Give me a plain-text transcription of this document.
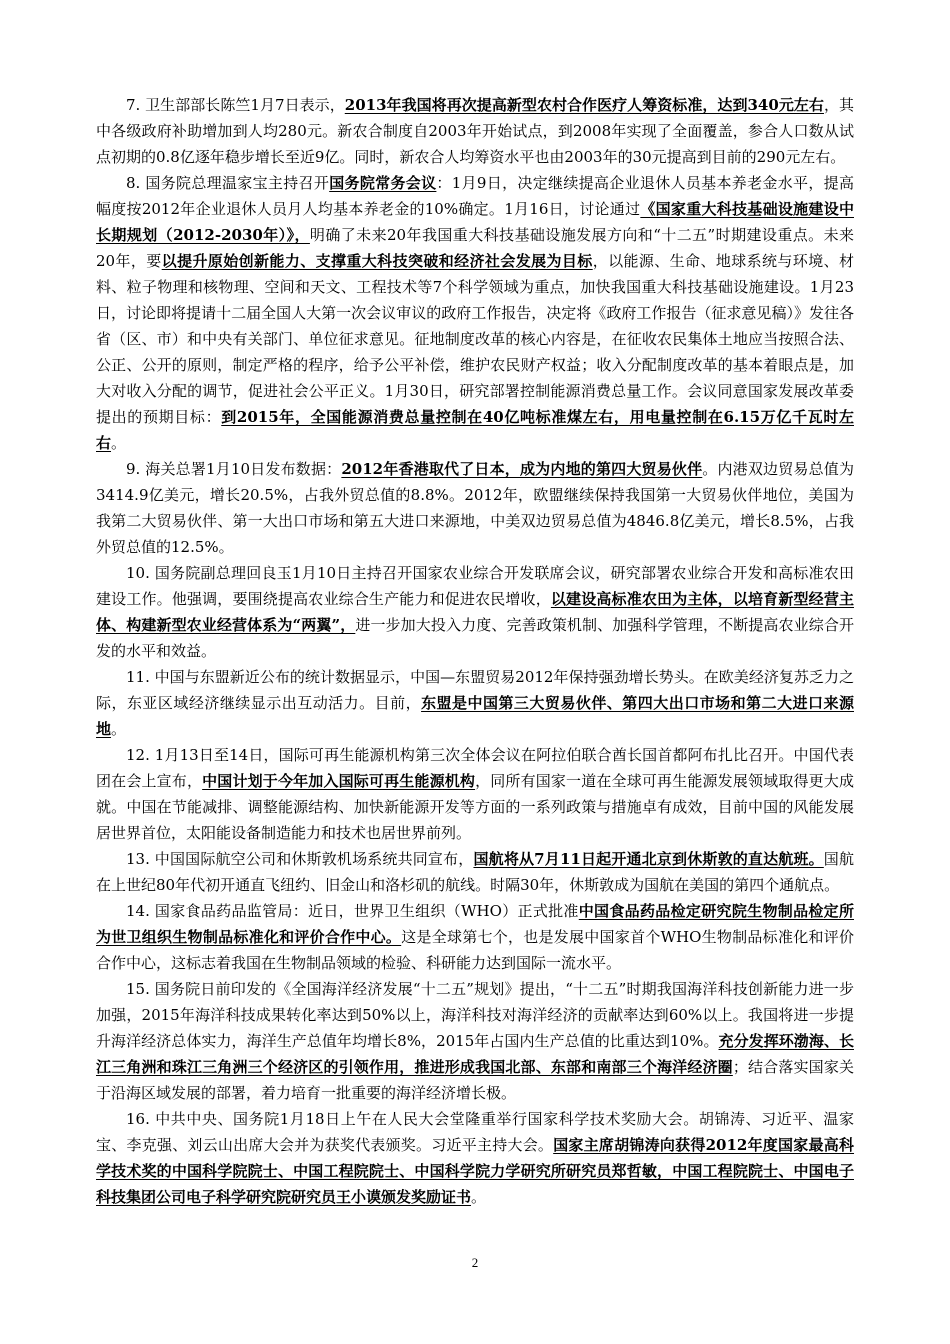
7. 卫生部部长陈竺1月7日表示，2013年我国将再次提高新型农村合作医疗人筹资标准，达到340元左右，其中各级政府补助增加到人均280元。新农合制度自2003年开始试点，到2008年实现了全面覆盖，参合人口数从试点初期的0.8亿逐年稳步增长至近9亿。同时，新农合人均筹资水平也由2003年的30元提高到目前的290元左右。

8. 国务院总理温家宝主持召开国务院常务会议：1月9日，决定继续提高企业退休人员基本养老金水平，提高幅度按2012年企业退休人员月人均基本养老金的10%确定。1月16日，讨论通过《国家重大科技基础设施建设中长期规划（2012-2030年）》，明确了未来20年我国重大科技基础设施发展方向和“十二五”时期建设重点。未来20年，要以提升原始创新能力、支撑重大科技突破和经济社会发展为目标，以能源、生命、地球系统与环境、材料、粒子物理和核物理、空间和天文、工程技术等7个科学领域为重点，加快我国重大科技基础设施建设。1月23日，讨论即将提请十二届全国人大第一次会议审议的政府工作报告，决定将《政府工作报告（征求意见稿）》发往各省（区、市）和中央有关部门、单位征求意见。征地制度改革的核心内容是，在征收农民集体土地应当按照合法、公正、公开的原则，制定严格的程序，给予公平补偿，维护农民财产权益；收入分配制度改革的基本着眼点是，加大对收入分配的调节，促进社会公平正义。1月30日，研究部署控制能源消费总量工作。会议同意国家发展改革委提出的预期目标：到2015年，全国能源消费总量控制在40亿吨标准煤左右，用电量控制在6.15万亿千瓦时左右。

9. 海关总署1月10日发布数据：2012年香港取代了日本，成为内地的第四大贸易伙伴。内港双边贸易总值为3414.9亿美元，增长20.5%，占我外贸总值的8.8%。2012年，欧盟继续保持我国第一大贸易伙伴地位，美国为我第二大贸易伙伴、第一大出口市场和第五大进口来源地，中美双边贸易总值为4846.8亿美元，增长8.5%，占我外贸总值的12.5%。

10. 国务院副总理回良玉1月10日主持召开国家农业综合开发联席会议，研究部署农业综合开发和高标准农田建设工作。他强调，要围绕提高农业综合生产能力和促进农民增收，以建设高标准农田为主体，以培育新型经营主体、构建新型农业经营体系为“两翼”，进一步加大投入力度、完善政策机制、加强科学管理，不断提高农业综合开发的水平和效益。

11. 中国与东盟新近公布的统计数据显示，中国—东盟贸易2012年保持强劲增长势头。在欧美经济复苏乏力之际，东亚区域经济继续显示出互动活力。目前，东盟是中国第三大贸易伙伴、第四大出口市场和第二大进口来源地。

12. 1月13日至14日，国际可再生能源机构第三次全体会议在阿拉伯联合酋长国首都阿布扎比召开。中国代表团在会上宣布，中国计划于今年加入国际可再生能源机构，同所有国家一道在全球可再生能源发展领域取得更大成就。中国在节能减排、调整能源结构、加快新能源开发等方面的一系列政策与措施卓有成效，目前中国的风能发展居世界首位，太阳能设备制造能力和技术也居世界前列。

13. 中国国际航空公司和休斯敦机场系统共同宣布，国航将从7月11日起开通北京到休斯敦的直达航班。国航在上世纪80年代初开通直飞纽约、旧金山和洛杉矶的航线。时隔30年，休斯敦成为国航在美国的第四个通航点。

14. 国家食品药品监管局：近日，世界卫生组织（WHO）正式批准中国食品药品检定研究院生物制品检定所为世卫组织生物制品标准化和评价合作中心。这是全球第七个，也是发展中国家首个WHO生物制品标准化和评价合作中心，这标志着我国在生物制品领域的检验、科研能力达到国际一流水平。

15. 国务院日前印发的《全国海洋经济发展“十二五”规划》提出，“十二五”时期我国海洋科技创新能力进一步加强，2015年海洋科技成果转化率达到50%以上，海洋科技对海洋经济的贡献率达到60%以上。我国将进一步提升海洋经济总体实力，海洋生产总值年均增长8%，2015年占国内生产总值的比重达到10%。充分发挥环渤海、长江三角洲和珠江三角洲三个经济区的引领作用，推进形成我国北部、东部和南部三个海洋经济圈；结合落实国家关于沿海区域发展的部署，着力培育一批重要的海洋经济增长极。

16. 中共中央、国务院1月18日上午在人民大会堂隆重举行国家科学技术奖励大会。胡锦涛、习近平、温家宝、李克强、刘云山出席大会并为获奖代表颁奖。习近平主持大会。国家主席胡锦涛向获得2012年度国家最高科学技术奖的中国科学院院士、中国工程院院士、中国科学院力学研究所研究员郑哲敏，中国工程院院士、中国电子科技集团公司电子科学研究院研究员王小谟颁发奖励证书。

2
